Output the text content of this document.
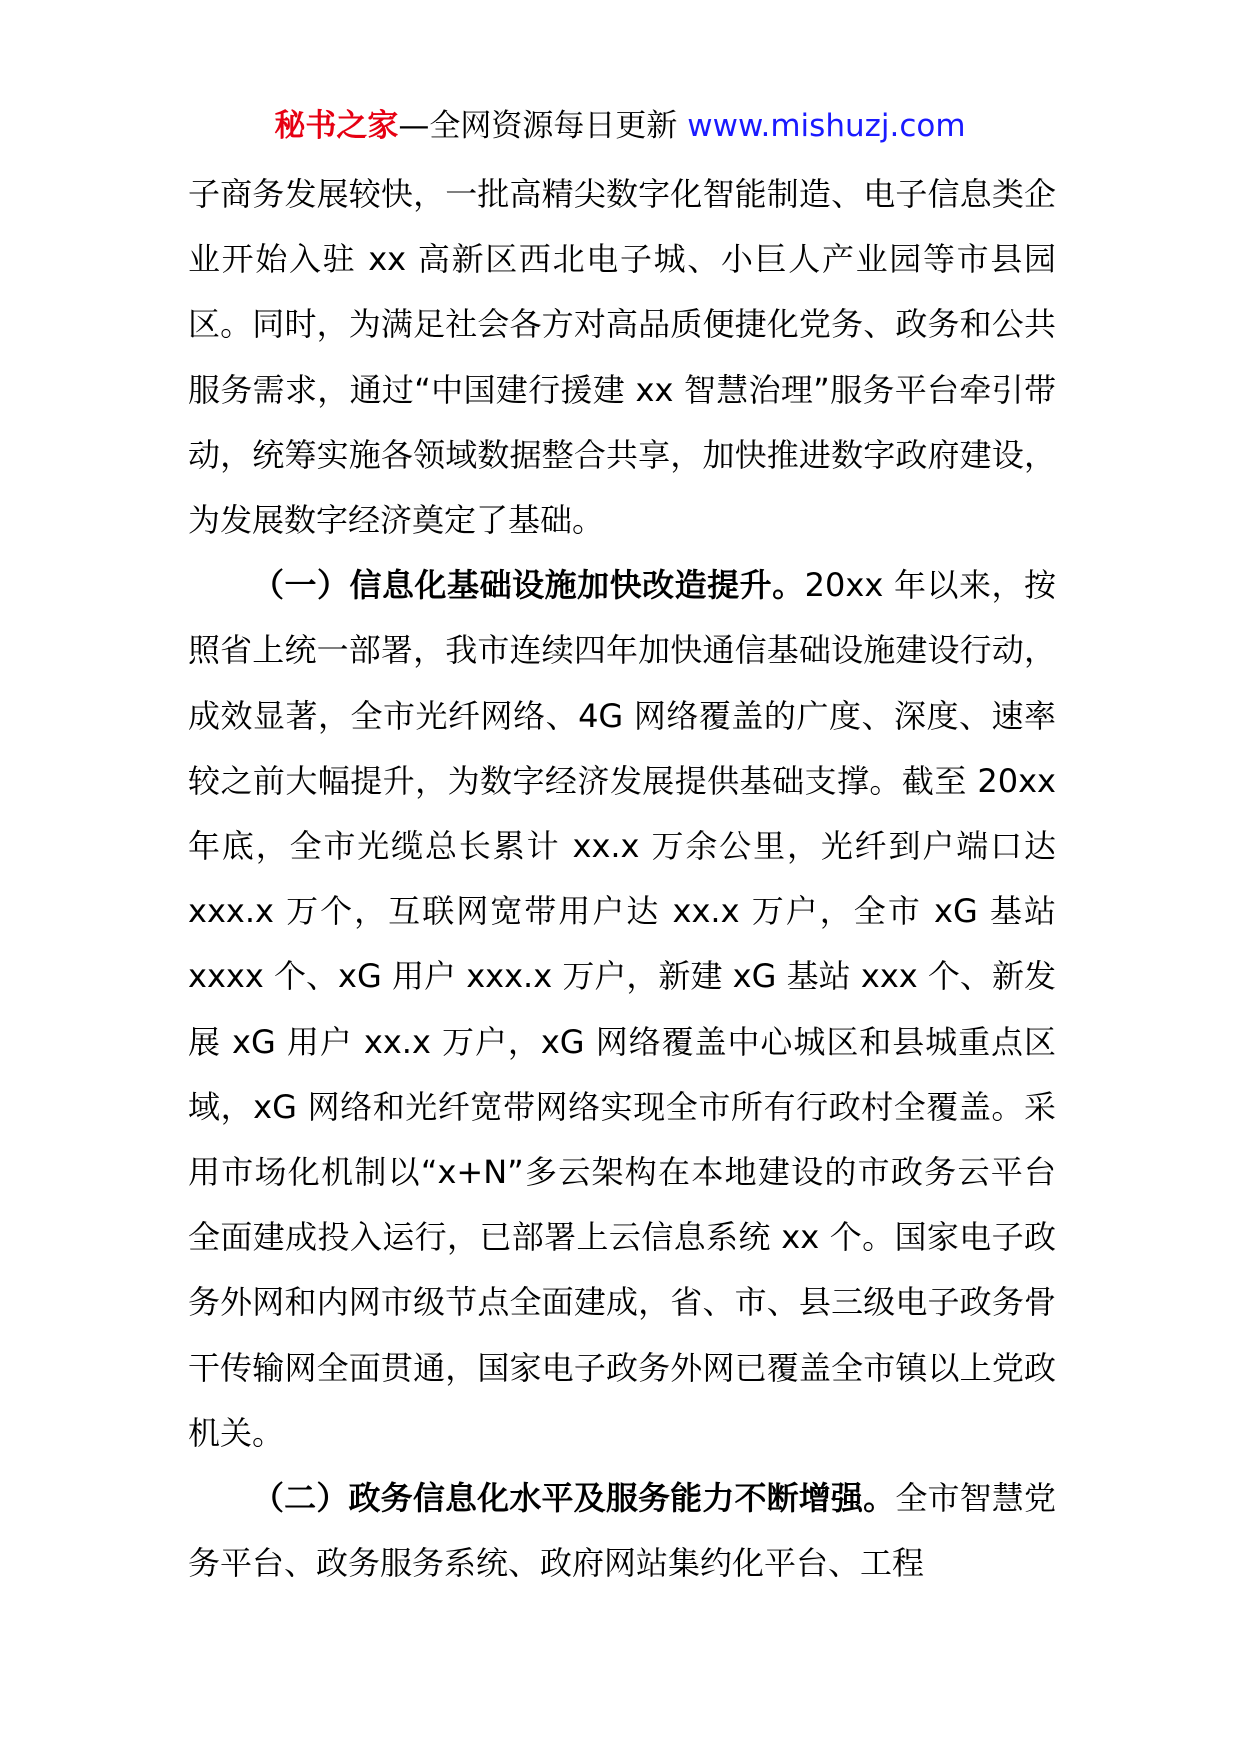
秘书之家—全网资源每日更新 www.mishuzj.com

子商务发展较快，一批高精尖数字化智能制造、电子信息类企业开始入驻 xx 高新区西北电子城、小巨人产业园等市县园区。同时，为满足社会各方对高品质便捷化党务、政务和公共服务需求，通过“中国建行援建 xx 智慧治理”服务平台牵引带动，统筹实施各领域数据整合共享，加快推进数字政府建设，为发展数字经济奠定了基础。

（一）信息化基础设施加快改造提升。20xx 年以来，按照省上统一部署，我市连续四年加快通信基础设施建设行动，成效显著，全市光纤网络、4G 网络覆盖的广度、深度、速率较之前大幅提升，为数字经济发展提供基础支撑。截至 20xx 年底，全市光缆总长累计 xx.x 万余公里，光纤到户端口达 xxx.x 万个，互联网宽带用户达 xx.x 万户，全市 xG 基站 xxxx 个、xG 用户 xxx.x 万户，新建 xG 基站 xxx 个、新发展 xG 用户 xx.x 万户，xG 网络覆盖中心城区和县城重点区域，xG 网络和光纤宽带网络实现全市所有行政村全覆盖。采用市场化机制以“x+N”多云架构在本地建设的市政务云平台全面建成投入运行，已部署上云信息系统 xx 个。国家电子政务外网和内网市级节点全面建成，省、市、县三级电子政务骨干传输网全面贯通，国家电子政务外网已覆盖全市镇以上党政机关。

（二）政务信息化水平及服务能力不断增强。全市智慧党务平台、政务服务系统、政府网站集约化平台、工程
